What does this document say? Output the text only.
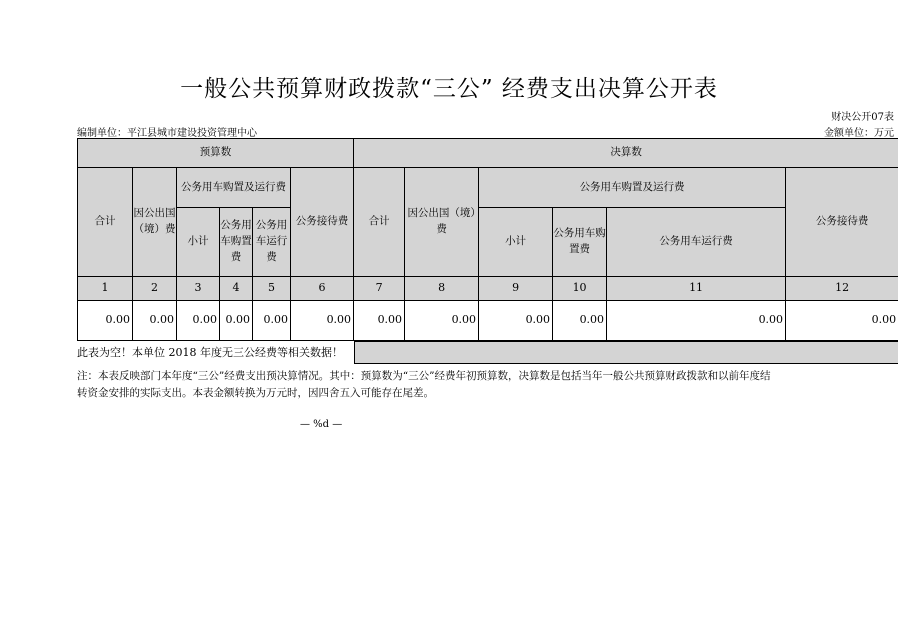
一般公共预算财政拨款“三公” 经费支出决算公开表
财决公开07表
编制单位：平江县城市建设投资管理中心	金额单位：万元
预算数						决算数					
合计	因公出国（境）费	公务用车购置及运行费			公务接待费	合计	因公出国（境）费	公务用车购置及运行费			公务接待费
		小计	公务用车购置费	公务用车运行费				小计	公务用车购置费	公务用车运行费	
1	2	3	4	5	6	7	8	9	10	11	12
0.00	0.00	0.00	0.00	0.00	0.00	0.00	0.00	0.00	0.00	0.00	0.00
此表为空！本单位 2018 年度无三公经费等相关数据！
注：本表反映部门本年度“三公”经费支出预决算情况。其中：预算数为“三公”经费年初预算数，决算数是包括当年一般公共预算财政拨款和以前年度结转资金安排的实际支出。本表金额转换为万元时，因四舍五入可能存在尾差。
— %d —
